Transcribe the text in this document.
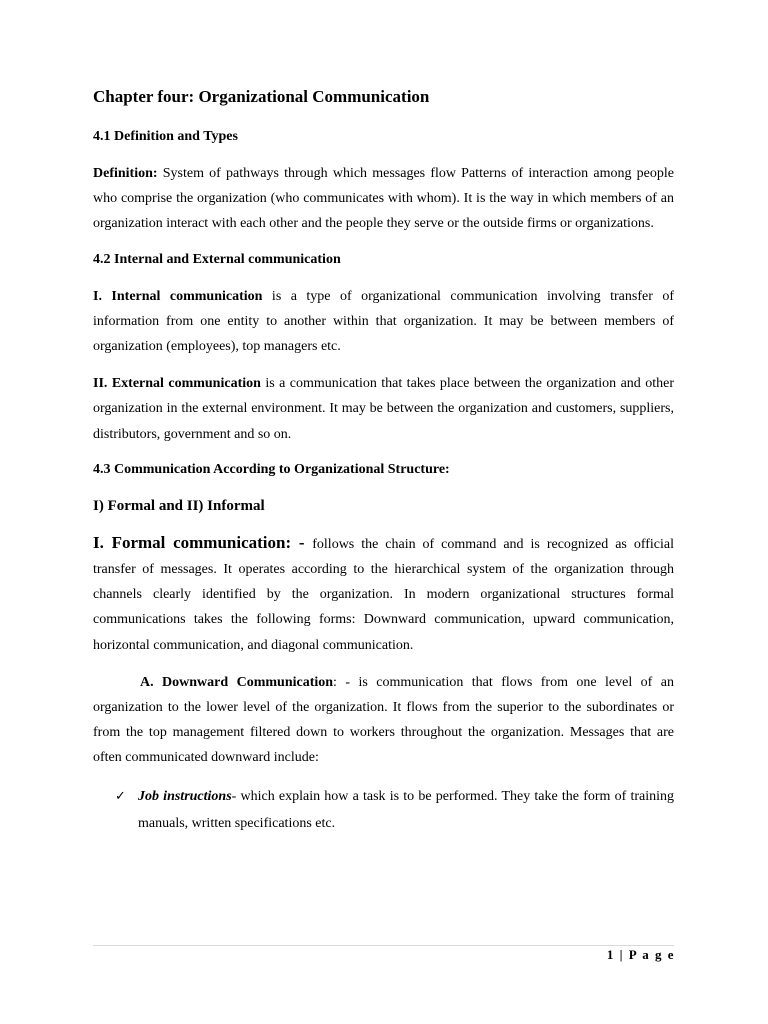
Chapter four: Organizational Communication
4.1 Definition and Types

Definition: System of pathways through which messages flow Patterns of interaction among people who comprise the organization (who communicates with whom). It is the way in which members of an organization interact with each other and the people they serve or the outside firms or organizations.

4.2 Internal and External communication

I. Internal communication is a type of organizational communication involving transfer of information from one entity to another within that organization. It may be between members of organization (employees), top managers etc.

II. External communication is a communication that takes place between the organization and other organization in the external environment. It may be between the organization and customers, suppliers, distributors, government and so on.

4.3 Communication According to Organizational Structure:
I) Formal and II) Informal

I. Formal communication: - follows the chain of command and is recognized as official transfer of messages. It operates according to the hierarchical system of the organization through channels clearly identified by the organization. In modern organizational structures formal communications takes the following forms: Downward communication, upward communication, horizontal communication, and diagonal communication.

A. Downward Communication: - is communication that flows from one level of an organization to the lower level of the organization. It flows from the superior to the subordinates or from the top management filtered down to workers throughout the organization. Messages that are often communicated downward include:

✓ Job instructions- which explain how a task is to be performed. They take the form of training manuals, written specifications etc.
1 | P a g e
